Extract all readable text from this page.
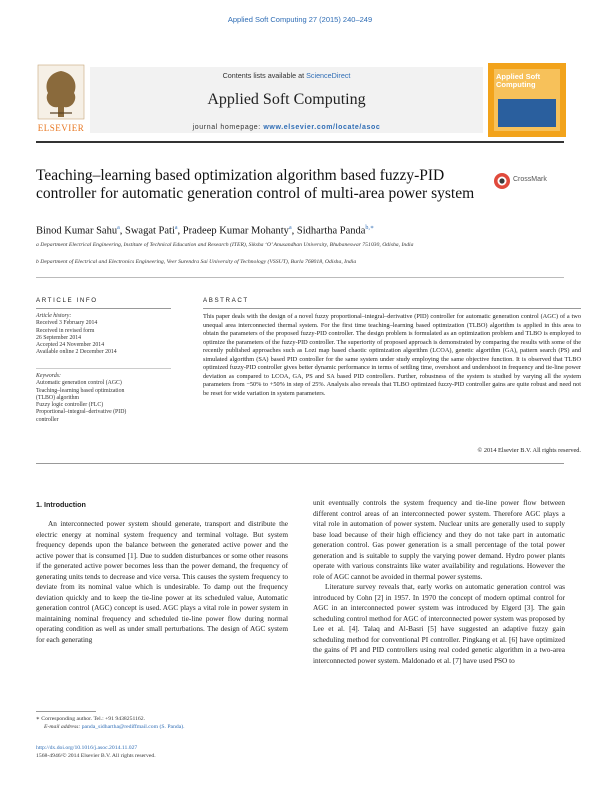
Applied Soft Computing 27 (2015) 240–249
ELSEVIER
Contents lists available at ScienceDirect
Applied Soft Computing
journal homepage: www.elsevier.com/locate/asoc
Applied Soft Computing
Teaching–learning based optimization algorithm based fuzzy-PID controller for automatic generation control of multi-area power system
CrossMark
Binod Kumar Sahu$^a$, Swagat Pati$^a$, Pradeep Kumar Mohanty$^a$, Sidhartha Panda$^{b,∗}$
a Department Electrical Engineering, Institute of Technical Education and Research (ITER), Siksha ‘O’ Anusandhan University, Bhubaneswar 751030, Odisha, India
b Department of Electrical and Electronics Engineering, Veer Surendra Sai University of Technology (VSSUT), Burla 768018, Odisha, India
ARTICLE INFO	ABSTRACT
Article history:
Received 3 February 2014
Received in revised form
26 September 2014
Accepted 24 November 2014
Available online 2 December 2014
Keywords:
Automatic generation control (AGC)
Teaching–learning based optimization
(TLBO) algorithm
Fuzzy logic controller (FLC)
Proportional–integral–derivative (PID)
controller
This paper deals with the design of a novel fuzzy proportional–integral–derivative (PID) controller for automatic generation control (AGC) of a two unequal area interconnected thermal system. For the first time teaching–learning based optimization (TLBO) algorithm is applied in this area to obtain the parameters of the proposed fuzzy-PID controller. The design problem is formulated as an optimization problem and TLBO is employed to optimize the parameters of the fuzzy-PID controller. The superiority of proposed approach is demonstrated by comparing the results with some of the recently published approaches such as Lozi map based chaotic optimization algorithm (LCOA), genetic algorithm (GA), pattern search (PS) and simulated algorithm (SA) based PID controller for the same system under study employing the same objective function. It is observed that TLBO optimized fuzzy-PID controller gives better dynamic performance in terms of settling time, overshoot and undershoot in frequency and tie-line power deviation as compared to LCOA, GA, PS and SA based PID controllers. Further, robustness of the system is studied by varying all the system parameters from −50% to +50% in step of 25%. Analysis also reveals that TLBO optimized fuzzy-PID controller gains are quite robust and need not be reset for wide variation in system parameters.
© 2014 Elsevier B.V. All rights reserved.
1. Introduction
An interconnected power system should generate, transport and distribute the electric energy at nominal system frequency and terminal voltage. But system frequency depends upon the balance between the generated active power and the active power that is consumed [1]. Due to sudden disturbances or some other reasons if the generated active power becomes less than the power demand, the frequency of generating units tends to decrease and vice versa. This causes the system frequency to deviate from its nominal value which is undesirable. To damp out the frequency deviation quickly and to keep the tie-line power at its scheduled value, Automatic generation control (AGC) concept is used. AGC plays a vital role in power system in maintaining nominal frequency and scheduled tie-line power flow during normal operating condition as well as under small perturbations. The design of AGC system for each generating

unit eventually controls the system frequency and tie-line power flow between different control areas of an interconnected power system. Therefore AGC plays a vital role in automation of power system. Nuclear units are generally used to supply base load because of their high efficiency and they do not take part in automatic generation control. Gas power generation is a small percentage of the total power generation and is suitable to supply the varying power demand. Hydro power plants operate with various constraints like water availability and regulations. However the role of AGC cannot be avoided in thermal power systems.

Literature survey reveals that, early works on automatic generation control was introduced by Cohn [2] in 1957. In 1970 the concept of modern optimal control for AGC in an interconnected power system was introduced by Elgerd [3]. The gain scheduling control method for AGC of interconnected power system was proposed by Lee et al. [4]. Talaq and Al-Basri [5] have suggested an adaptive fuzzy gain scheduling method for conventional PI controller. Pingkang et al. [6] have optimized the gains of PI and PID controllers using real coded genetic algorithm in a two-area interconnected power system. Maldonado et al. [7] have used PSO to

∗ Corresponding author. Tel.: +91 9438251162.
E-mail address: panda_sidhartha@rediffmail.com (S. Panda).
http://dx.doi.org/10.1016/j.asoc.2014.11.027
1568-4946/© 2014 Elsevier B.V. All rights reserved.
